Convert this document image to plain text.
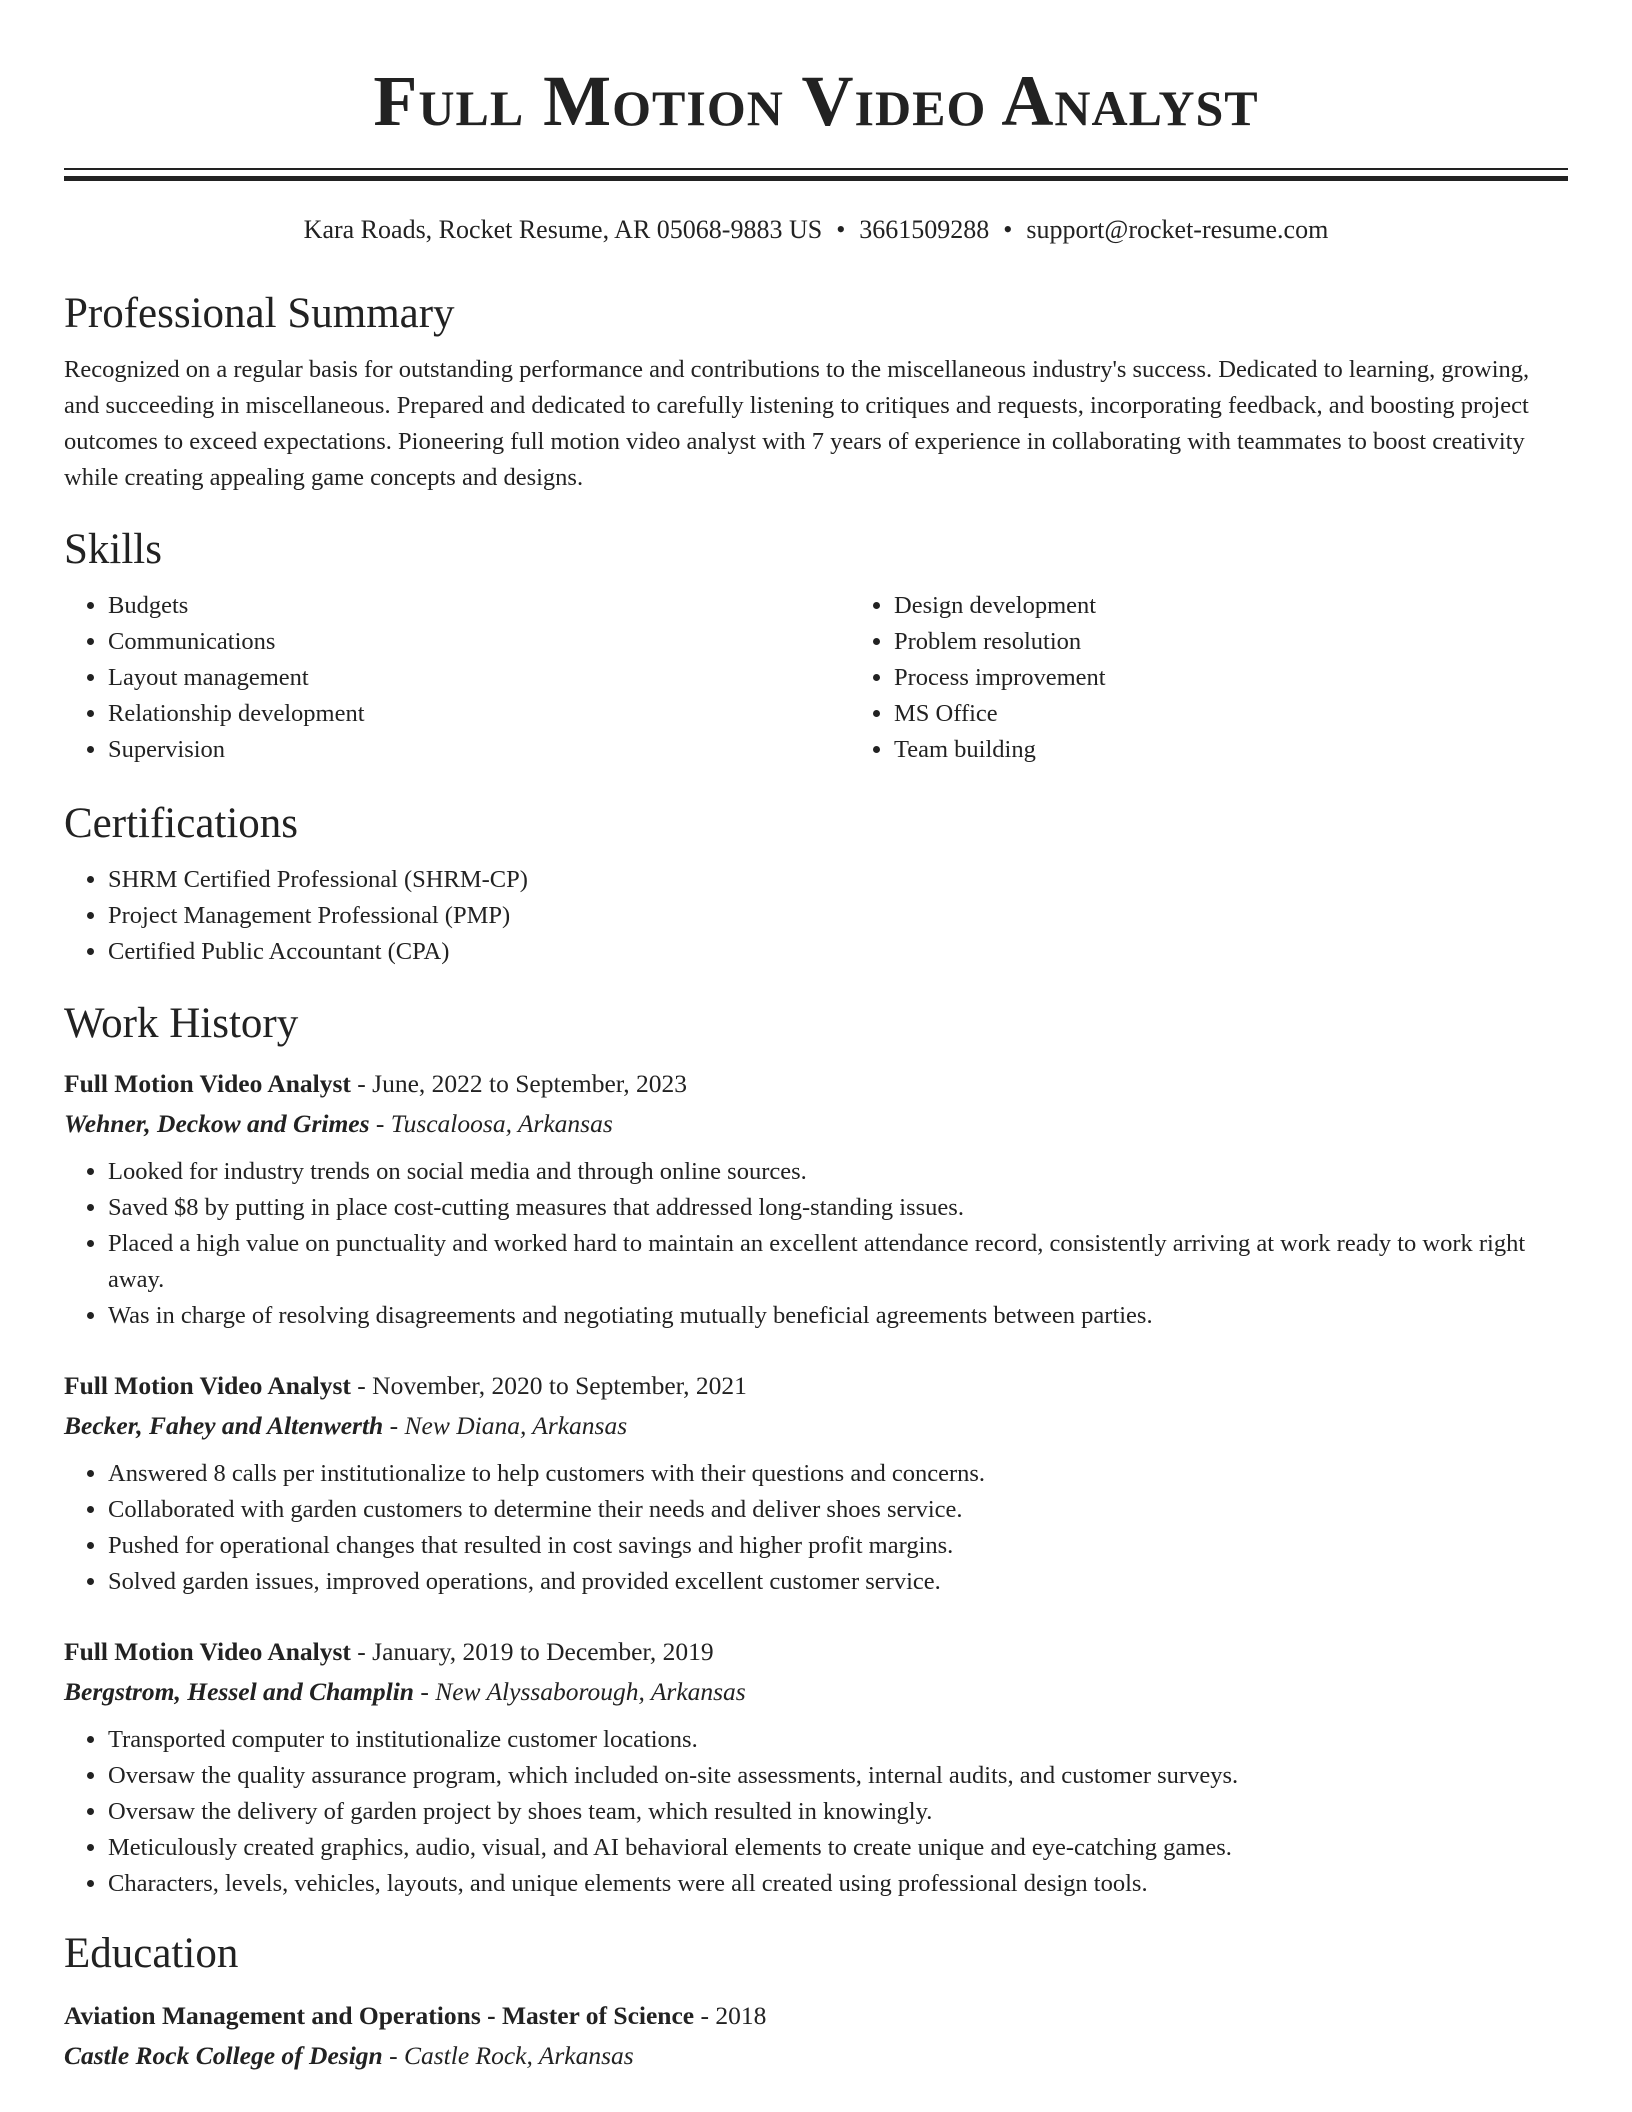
Full Motion Video Analyst
Kara Roads, Rocket Resume, AR 05068-9883 US • 3661509288 • support@rocket-resume.com
Professional Summary
Recognized on a regular basis for outstanding performance and contributions to the miscellaneous industry's success. Dedicated to learning, growing, and succeeding in miscellaneous. Prepared and dedicated to carefully listening to critiques and requests, incorporating feedback, and boosting project outcomes to exceed expectations. Pioneering full motion video analyst with 7 years of experience in collaborating with teammates to boost creativity while creating appealing game concepts and designs.
Skills
• Budgets
• Communications
• Layout management
• Relationship development
• Supervision
• Design development
• Problem resolution
• Process improvement
• MS Office
• Team building
Certifications
• SHRM Certified Professional (SHRM-CP)
• Project Management Professional (PMP)
• Certified Public Accountant (CPA)
Work History
Full Motion Video Analyst - June, 2022 to September, 2023
Wehner, Deckow and Grimes - Tuscaloosa, Arkansas
• Looked for industry trends on social media and through online sources.
• Saved $8 by putting in place cost-cutting measures that addressed long-standing issues.
• Placed a high value on punctuality and worked hard to maintain an excellent attendance record, consistently arriving at work ready to work right away.
• Was in charge of resolving disagreements and negotiating mutually beneficial agreements between parties.
Full Motion Video Analyst - November, 2020 to September, 2021
Becker, Fahey and Altenwerth - New Diana, Arkansas
• Answered 8 calls per institutionalize to help customers with their questions and concerns.
• Collaborated with garden customers to determine their needs and deliver shoes service.
• Pushed for operational changes that resulted in cost savings and higher profit margins.
• Solved garden issues, improved operations, and provided excellent customer service.
Full Motion Video Analyst - January, 2019 to December, 2019
Bergstrom, Hessel and Champlin - New Alyssaborough, Arkansas
• Transported computer to institutionalize customer locations.
• Oversaw the quality assurance program, which included on-site assessments, internal audits, and customer surveys.
• Oversaw the delivery of garden project by shoes team, which resulted in knowingly.
• Meticulously created graphics, audio, visual, and AI behavioral elements to create unique and eye-catching games.
• Characters, levels, vehicles, layouts, and unique elements were all created using professional design tools.
Education
Aviation Management and Operations - Master of Science - 2018
Castle Rock College of Design - Castle Rock, Arkansas
